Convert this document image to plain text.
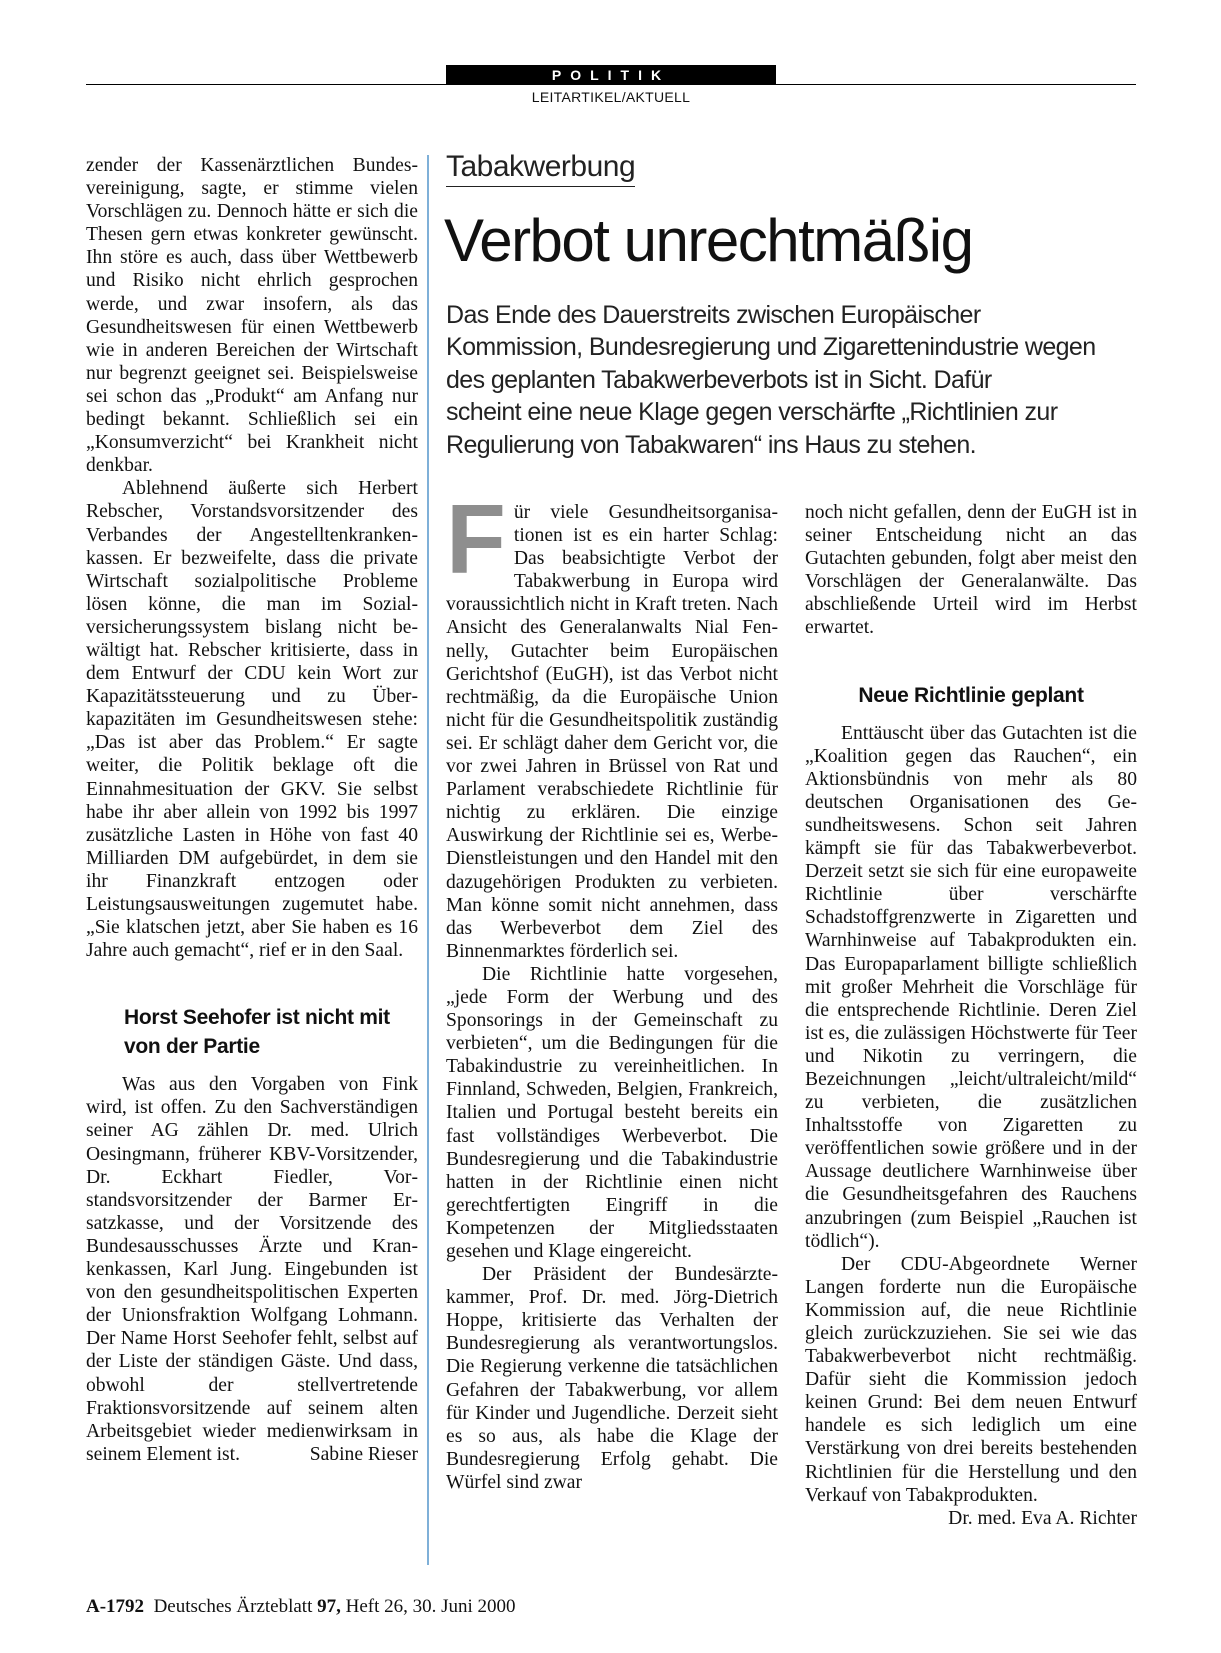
POLITIK
LEITARTIKEL/AKTUELL

zender der Kassenärztlichen Bundesvereinigung, sagte, er stimme vielen Vorschlägen zu. Dennoch hätte er sich die Thesen gern etwas konkreter gewünscht. Ihn störe es auch, dass über Wettbewerb und Risiko nicht ehrlich gesprochen werde, und zwar insofern, als das Gesundheitswesen für einen Wettbewerb wie in anderen Bereichen der Wirtschaft nur begrenzt geeignet sei. Beispielsweise sei schon das „Produkt“ am Anfang nur bedingt bekannt. Schließlich sei ein „Konsumverzicht“ bei Krankheit nicht denkbar.

Ablehnend äußerte sich Herbert Rebscher, Vorstandsvorsitzender des Verbandes der Angestelltenkrankenkassen. Er bezweifelte, dass die private Wirtschaft sozialpolitische Probleme lösen könne, die man im Sozialversicherungssystem bislang nicht bewältigt hat. Rebscher kritisierte, dass in dem Entwurf der CDU kein Wort zur Kapazitätssteuerung und zu Überkapazitäten im Gesundheitswesen stehe: „Das ist aber das Problem.“ Er sagte weiter, die Politik beklage oft die Einnahmesituation der GKV. Sie selbst habe ihr aber allein von 1992 bis 1997 zusätzliche Lasten in Höhe von fast 40 Milliarden DM aufgebürdet, in dem sie ihr Finanzkraft entzogen oder Leistungsausweitungen zugemutet habe. „Sie klatschen jetzt, aber Sie haben es 16 Jahre auch gemacht“, rief er in den Saal.

Horst Seehofer ist nicht mit von der Partie

Was aus den Vorgaben von Fink wird, ist offen. Zu den Sachverständigen seiner AG zählen Dr. med. Ulrich Oesingmann, früherer KBV-Vorsitzender, Dr. Eckhart Fiedler, Vorstandsvorsitzender der Barmer Ersatzkasse, und der Vorsitzende des Bundesausschusses Ärzte und Krankenkassen, Karl Jung. Eingebunden ist von den gesundheitspolitischen Experten der Unionsfraktion Wolfgang Lohmann. Der Name Horst Seehofer fehlt, selbst auf der Liste der ständigen Gäste. Und dass, obwohl der stellvertretende Fraktionsvorsitzende auf seinem alten Arbeitsgebiet wieder medienwirksam in seinem Element ist.	Sabine Rieser

Tabakwerbung
Verbot unrechtmäßig
Das Ende des Dauerstreits zwischen Europäischer
Kommission, Bundesregierung und Zigarettenindustrie wegen
des geplanten Tabakwerbeverbots ist in Sicht. Dafür
scheint eine neue Klage gegen verschärfte „Richtlinien zur
Regulierung von Tabakwaren“ ins Haus zu stehen.

Für viele Gesundheitsorganisationen ist es ein harter Schlag: Das beabsichtigte Verbot der Tabakwerbung in Europa wird voraussichtlich nicht in Kraft treten. Nach Ansicht des Generalanwalts Nial Fennelly, Gutachter beim Europäischen Gerichtshof (EuGH), ist das Verbot nicht rechtmäßig, da die Europäische Union nicht für die Gesundheitspolitik zuständig sei. Er schlägt daher dem Gericht vor, die vor zwei Jahren in Brüssel von Rat und Parlament verabschiedete Richtlinie für nichtig zu erklären. Die einzige Auswirkung der Richtlinie sei es, Werbe-Dienstleistungen und den Handel mit den dazugehörigen Produkten zu verbieten. Man könne somit nicht annehmen, dass das Werbeverbot dem Ziel des Binnenmarktes förderlich sei.

Die Richtlinie hatte vorgesehen, „jede Form der Werbung und des Sponsorings in der Gemeinschaft zu verbieten“, um die Bedingungen für die Tabakindustrie zu vereinheitlichen. In Finnland, Schweden, Belgien, Frankreich, Italien und Portugal besteht bereits ein fast vollständiges Werbeverbot. Die Bundesregierung und die Tabakindustrie hatten in der Richtlinie einen nicht gerechtfertigten Eingriff in die Kompetenzen der Mitgliedsstaaten gesehen und Klage eingereicht.

Der Präsident der Bundesärztekammer, Prof. Dr. med. Jörg-Dietrich Hoppe, kritisierte das Verhalten der Bundesregierung als verantwortungslos. Die Regierung verkenne die tatsächlichen Gefahren der Tabakwerbung, vor allem für Kinder und Jugendliche. Derzeit sieht es so aus, als habe die Klage der Bundesregierung Erfolg gehabt. Die Würfel sind zwar

noch nicht gefallen, denn der EuGH ist in seiner Entscheidung nicht an das Gutachten gebunden, folgt aber meist den Vorschlägen der Generalanwälte. Das abschließende Urteil wird im Herbst erwartet.

Neue Richtlinie geplant

Enttäuscht über das Gutachten ist die „Koalition gegen das Rauchen“, ein Aktionsbündnis von mehr als 80 deutschen Organisationen des Gesundheitswesens. Schon seit Jahren kämpft sie für das Tabakwerbeverbot. Derzeit setzt sie sich für eine europaweite Richtlinie über verschärfte Schadstoffgrenzwerte in Zigaretten und Warnhinweise auf Tabakprodukten ein. Das Europaparlament billigte schließlich mit großer Mehrheit die Vorschläge für die entsprechende Richtlinie. Deren Ziel ist es, die zulässigen Höchstwerte für Teer und Nikotin zu verringern, die Bezeichnungen „leicht/ultraleicht/mild“ zu verbieten, die zusätzlichen Inhaltsstoffe von Zigaretten zu veröffentlichen sowie größere und in der Aussage deutlichere Warnhinweise über die Gesundheitsgefahren des Rauchens anzubringen (zum Beispiel „Rauchen ist tödlich“).

Der CDU-Abgeordnete Werner Langen forderte nun die Europäische Kommission auf, die neue Richtlinie gleich zurückzuziehen. Sie sei wie das Tabakwerbeverbot nicht rechtmäßig. Dafür sieht die Kommission jedoch keinen Grund: Bei dem neuen Entwurf handele es sich lediglich um eine Verstärkung von drei bereits bestehenden Richtlinien für die Herstellung und den Verkauf von Tabakprodukten.
Dr. med. Eva A. Richter

A-1792 Deutsches Ärzteblatt 97, Heft 26, 30. Juni 2000
